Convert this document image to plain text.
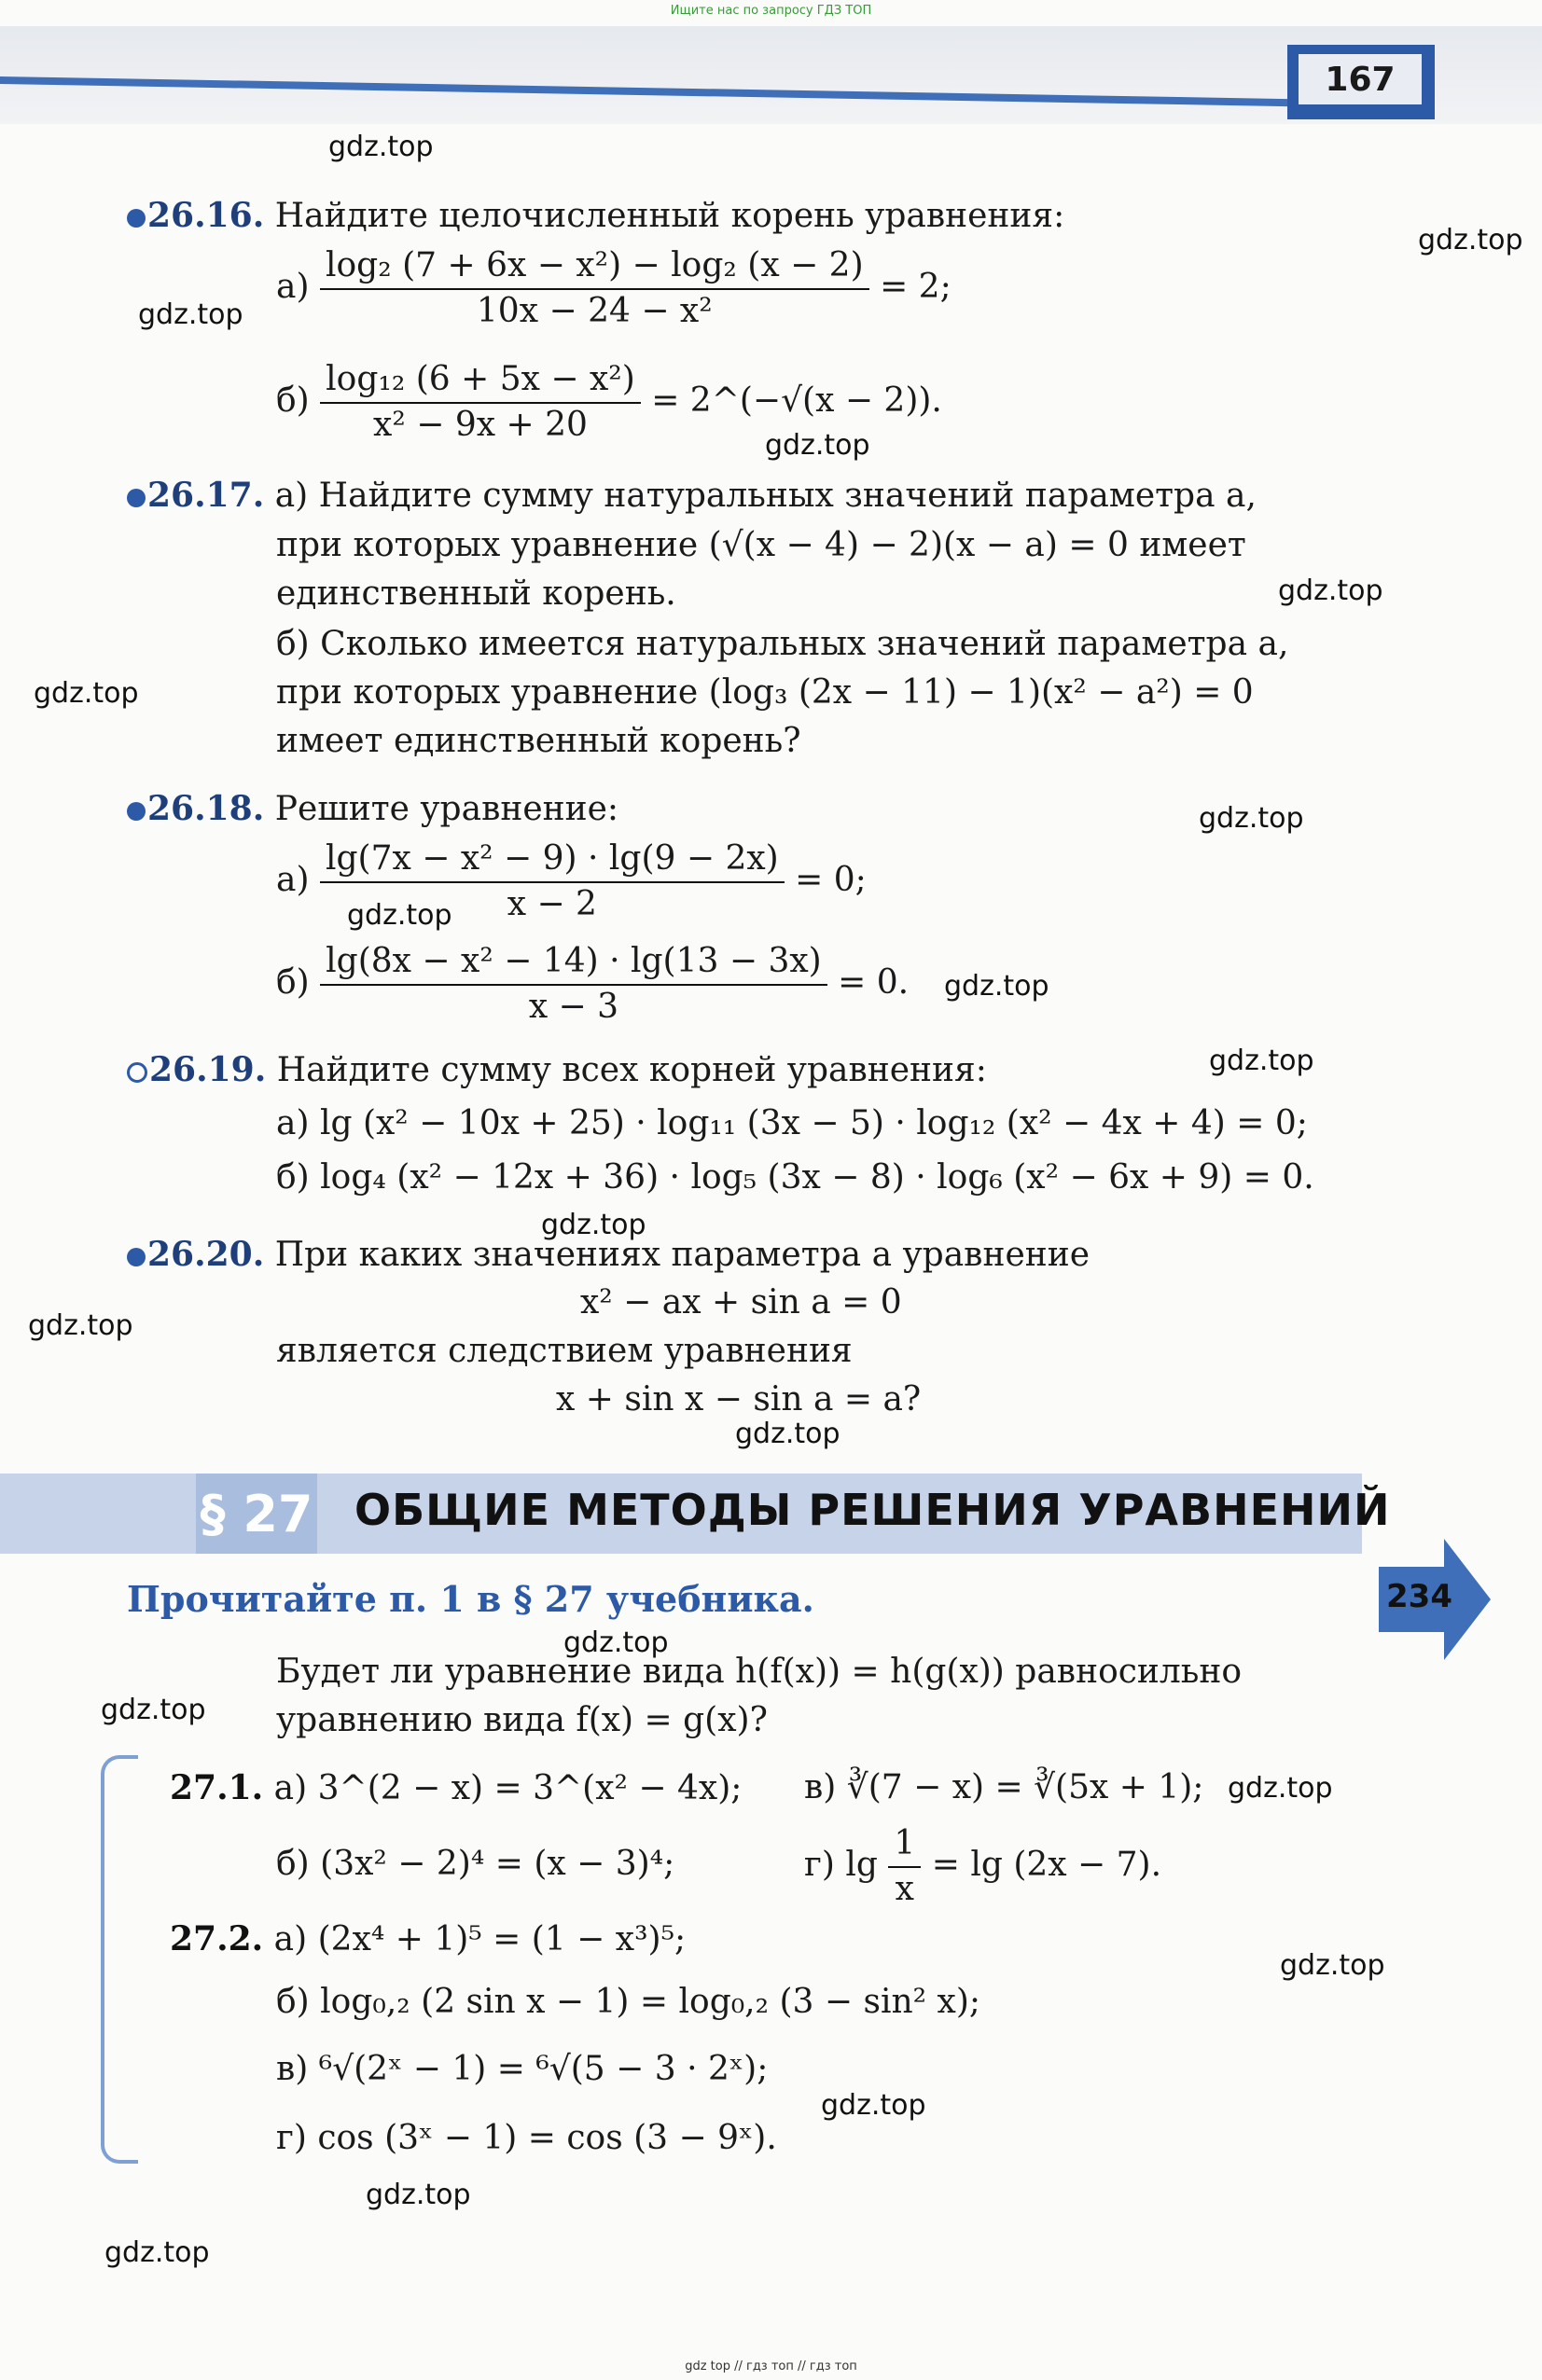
Ищите нас по запросу ГДЗ ТОП
167
gdz.top
gdz.top
gdz.top
gdz.top
gdz.top
gdz.top
gdz.top
gdz.top
gdz.top
gdz.top
gdz.top
gdz.top
gdz.top
gdz.top
gdz.top
gdz.top
gdz.top
gdz.top
gdz.top
gdz.top
26.16. Найдите целочисленный корень уравнения:
$а) \frac{\text{log₂ (7 + 6x − x²) − log₂ (x − 2)}}{\text{10x − 24 − x²}} = 2$;
$б) \frac{\text{log₁₂ (6 + 5x − x²)}}{\text{x² − 9x + 20}}$ = 2^(−√(x − 2)).
26.17. а) Найдите сумму натуральных значений параметра a,
при которых уравнение (√(x − 4) − 2)(x − a) = 0 имеет
единственный корень.
б) Сколько имеется натуральных значений параметра a,
при которых уравнение (log₃ (2x − 11) − 1)(x² − a²) = 0
имеет единственный корень?
26.18. Решите уравнение:
$а) \frac{\text{lg(7x − x² − 9) · lg(9 − 2x)}}{x - 2} = 0$;
$б) \frac{\text{lg(8x − x² − 14) · lg(13 − 3x)}}{x - 3} = 0$.
26.19. Найдите сумму всех корней уравнения:
а) lg (x² − 10x + 25) · log₁₁ (3x − 5) · log₁₂ (x² − 4x + 4) = 0;
б) log₄ (x² − 12x + 36) · log₅ (3x − 8) · log₆ (x² − 6x + 9) = 0.
26.20. При каких значениях параметра a уравнение
x² − ax + sin a = 0
является следствием уравнения
x + sin x − sin a = a?
§ 27 ОБЩИЕ МЕТОДЫ РЕШЕНИЯ УРАВНЕНИЙ
234
Прочитайте п. 1 в § 27 учебника.
Будет ли уравнение вида h(f(x)) = h(g(x)) равносильно
уравнению вида f(x) = g(x)?
27.1. а) 3^(2 − x) = 3^(x² − 4x); в) ∛(7 − x) = ∛(5x + 1);
б) (3x² − 2)⁴ = (x − 3)⁴;	г) $\lg \frac{1}{x} = \lg (2x - 7)$.
27.2. а) (2x⁴ + 1)⁵ = (1 − x³)⁵;
б) log₀,₂ (2 sin x − 1) = log₀,₂ (3 − sin² x);
в) ⁶√(2ˣ − 1) = ⁶√(5 − 3 · 2ˣ);
г) cos (3ˣ − 1) = cos (3 − 9ˣ).
gdz top // гдз топ // гдз топ
